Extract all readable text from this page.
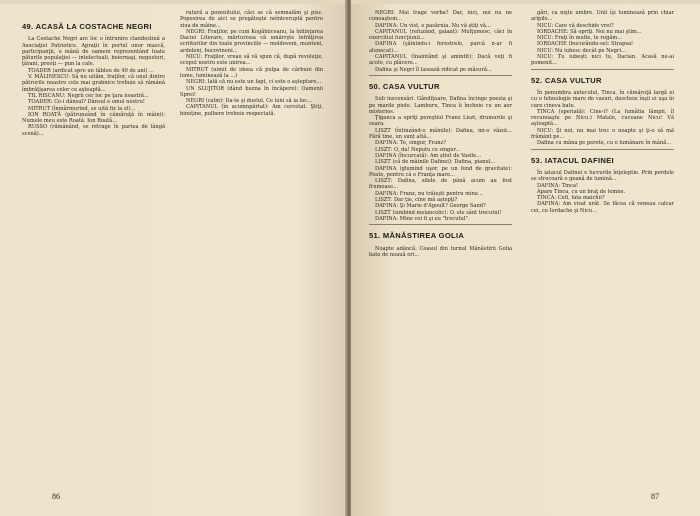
49. ACASĂ LA COSTACHE NEGRI

La Costache Negri are loc o întrunire clandestină a Asociaţiei Patriotice. Apraţii în portul unor mască, participanţii, o mână de oameni reprezentând toate păturile populaţiei — intelectuali, boiernaşi, negustori, ţărani, preoţi — pun la cale.

TOADER (ardicat spre un tăblou de 40 de ani) ...

V. MĂLINESCU: Să nu uităm, fraţilor, că unul dintre pătrurile noastre cele mai grabnice trebuie să rămână îmbrăţişarea celor ce aşteaptă...

TIL RISCANU: Negrii cer loc pe ţara noastră...

TOADER: Ce-i dânsul? Dânsul e omul nostru!

MITRUT (înmărmurind, se uită fix la el)...

ION ROATĂ (pătrunzând în cămăruţă în mâini): Numele meu este Roată. Ion Roată...

RUSSO (rămânând, se retrage în partea de lângă scenă)...

ratură a pozenitului, căci se că semnalăm şi pisc. Poposirea de aici se pregăteşte neîntreruptă pentru ziua de mâine...

NEGRI: Fraţilor, pe cum Kogălniceanu, la înfiinţarea Daciei Literare, mărturisea că umărrşte înfrăţirea scriitorilor din toate provinciile — moldoveni, munteni, ardeleni, bucovineni...

NICU: Fraţilor, vreau să vă spun că, după revoluţie, scopul nostru este unirea...

MITRUT (uimit de ideea că pulpa de cărbuni din lume, luminează la ...)

NEGRI: Iată că nu este un fapt, ci este o aşteptare...

UN SLUJITOR (dând buzna în încăpere): Oamenii Sprei!

NEGRI (calm): Da-te şi duelul. Ce luni să ia loc...

CAPITANUL (în acumnpărtat): Am cercetat. Ştiţi, bineţine, pulbere trebuie respectată.

86

NEGRI: Mai trage vorba? Dar, nici, noi nu ne cunoaştem...

DAFINA: Un vist, e pasăruia. Nu vă ştiţi vă...

CAPITANUL (refuzând, galant): Mulţumesc, căci în exercitiul funcţiunii...

DAFINA (şăinindu-i ferestrele, parcă n-ar fi alunecat)...

CAPITANUL (înaintând şi amintit): Dacă veţi fi acolo, cu plăcere...

Dafina şi Negri îl lasează ridicat pe măsură...

50. CASA VULTUR

Sub inscensări. Gândiţoare, Dafina încinge poezia şi pe marile piete. Lamburu, Tinca îi încheie cu un aer misterios.

Ţiganca a opriţi pereştiul Franz Liszt, drumurile şi seara.

LISZT (întinzând-o mâinile): Dafina, mi-o văzut... Fără tine, un sunt altă...

DAFINA: To, singur, Franz?

LISZT: O, da! Neputu ce singur...

DAFINA (încurcată): Am ştiut de Vasile...

LISZT (că de mâinile Dafinei): Dafina, pianul...

DAFINA (glumind uşor, pe un fond de gravitate): Poate, pentru că e Franţa mare...

LISZT: Dafina, zilele de până acum au fost frumoase...

DAFINA: Franz, nu trăieşti pentru mine...

LISZT: Dar ţie, cine mă aştepţi?

DAFINA: Şi Marie d'Agoult? George Sand?

LISZT (simbind melancolic): O, ele sânt trecutul!

DAFINA: Mine voi fi şi eu "trecutul".

51. MĂNĂSTIREA GOLIA

Noapte adâncă. Ceasul din turnul Mânăstirii Golia bate de noauă ori...

gări, ca nişte umbre. Unii îşi luminează prin chiar aripile...

NICU: Care vă deschide vrei?

IORDACHE: Să opriţi. Noi nu mai ştim...

NICU: Fraţi în multe, te rugăm...

IORDACHE (bucurându-se): Strapsa!

NICU: Nu iubesc decât pe Negri...

NICU: Tu iubeşti nici tu, Dacian. Acasă ne-ai pomenit...

52. CASA VULTUR

În penumbra anteculul, Tinca, în cămăruţă largă ei cu o tehnologie mare de vasuri, descheie înşii ei uşa în care cineva bate.

TINCA (speriată): Cine-i? (La fumătia lămpii, îl recunoaşte pe Nicu.) Matale, cucoane Nicu! Vă aşteaptă...

NICU: Şi noi, nu mai trec o noapte şi ţi-o să mă frământ pe...

Dafina cu mâna pe perete, cu o lumânare în mână...

53. IATACUL DAFINEI

În iatacul Dafinei e lucrurile înţeleptie. Prin perdele se strecoară o geană de lumină...

DAFINA: Tinca!

Apare Tinca, cu un braţ de lemne.

TINCA: Cefi, fata maichii?

DAFINA: Am visat urât. Se făcea că veneau calcar cei, cu Iordache şi Nicu...

87
